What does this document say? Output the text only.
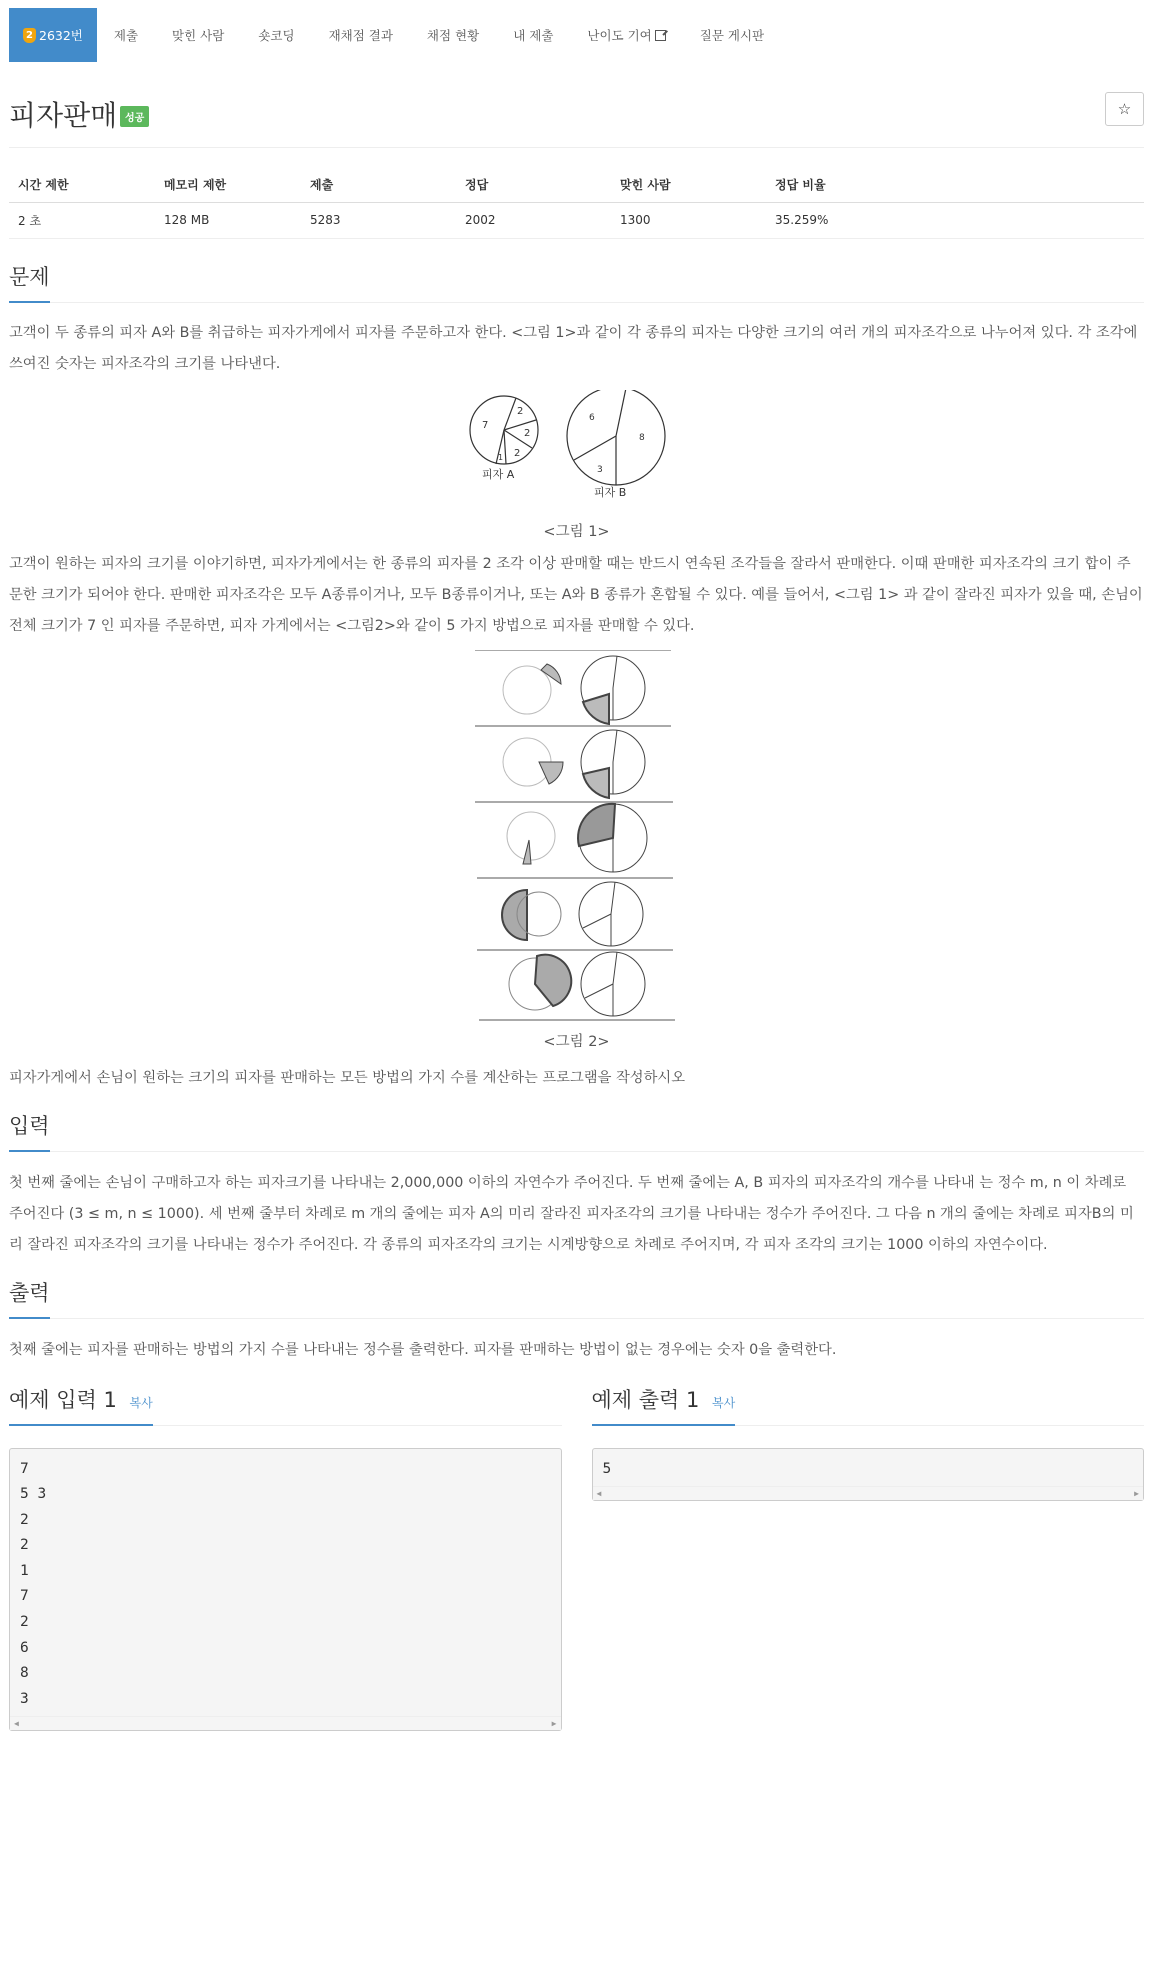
2 2632번	제출	맞힌 사람	숏코딩	재채점 결과	채점 현황	내 제출	난이도 기여	질문 게시판
피자판매 성공
☆
시간 제한	메모리 제한	제출	정답	맞힌 사람	정답 비율
2 초	128 MB	5283	2002	1300	35.259%
문제

고객이 두 종류의 피자 A와 B를 취급하는 피자가게에서 피자를 주문하고자 한다. <그림 1>과 같이 각 종류의 피자는 다양한 크기의 여러 개의 피자조각으로 나누어져 있다. 각 조각에 쓰여진 숫자는 피자조각의 크기를 나타낸다.

7
2
2
2
1
6
8
3
피자 A
피자 B
<그림 1>

고객이 원하는 피자의 크기를 이야기하면, 피자가게에서는 한 종류의 피자를 2 조각 이상 판매할 때는 반드시 연속된 조각들을 잘라서 판매한다. 이때 판매한 피자조각의 크기 합이 주문한 크기가 되어야 한다. 판매한 피자조각은 모두 A종류이거나, 모두 B종류이거나, 또는 A와 B 종류가 혼합될 수 있다. 예를 들어서, <그림 1> 과 같이 잘라진 피자가 있을 때, 손님이 전체 크기가 7 인 피자를 주문하면, 피자 가게에서는 <그림2>와 같이 5 가지 방법으로 피자를 판매할 수 있다.

<그림 2>

피자가게에서 손님이 원하는 크기의 피자를 판매하는 모든 방법의 가지 수를 계산하는 프로그램을 작성하시오

입력

첫 번째 줄에는 손님이 구매하고자 하는 피자크기를 나타내는 2,000,000 이하의 자연수가 주어진다. 두 번째 줄에는 A, B 피자의 피자조각의 개수를 나타내 는 정수 m, n 이 차례로 주어진다 (3 ≤ m, n ≤ 1000). 세 번째 줄부터 차례로 m 개의 줄에는 피자 A의 미리 잘라진 피자조각의 크기를 나타내는 정수가 주어진다. 그 다음 n 개의 줄에는 차례로 피자B의 미리 잘라진 피자조각의 크기를 나타내는 정수가 주어진다. 각 종류의 피자조각의 크기는 시계방향으로 차례로 주어지며, 각 피자 조각의 크기는 1000 이하의 자연수이다.

출력

첫째 줄에는 피자를 판매하는 방법의 가지 수를 나타내는 정수를 출력한다. 피자를 판매하는 방법이 없는 경우에는 숫자 0을 출력한다.

예제 입력 1 복사
7
5 3
2
2
1
7
2
6
8
3

◀	▶
예제 출력 1 복사
5

◀	▶
